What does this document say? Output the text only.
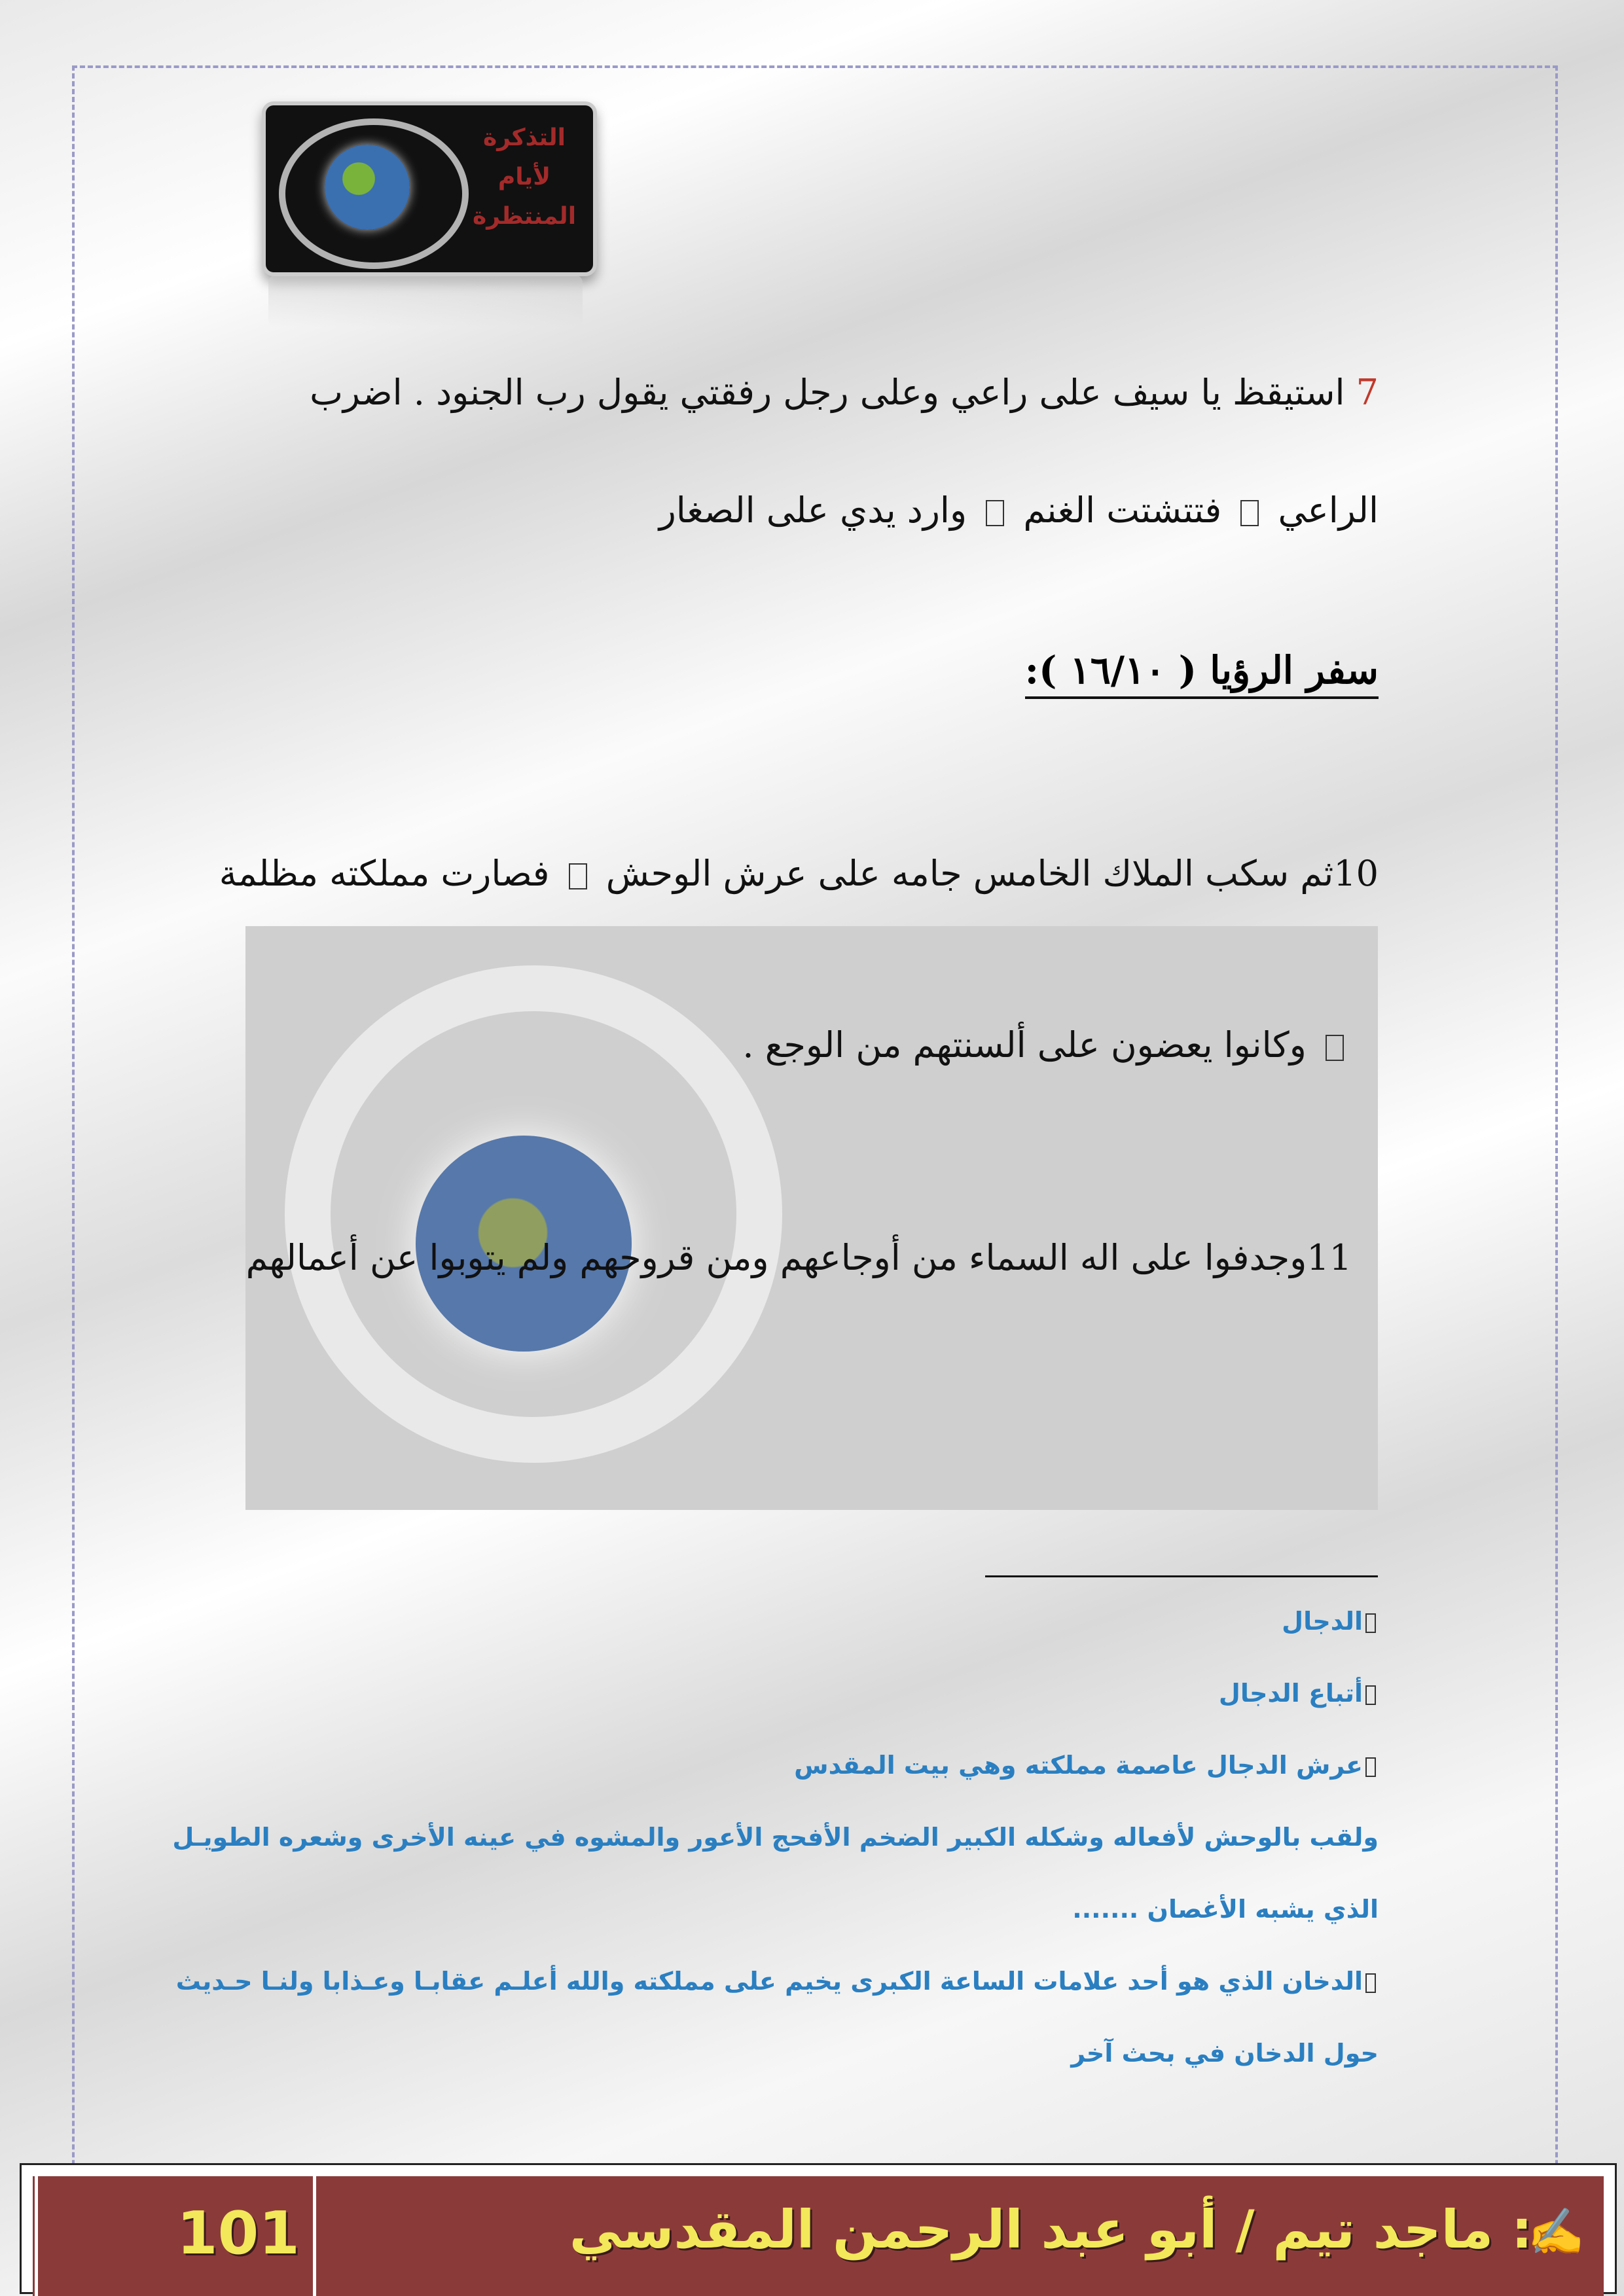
التذكرة لأيام المنتظرة
7 استيقظ يا سيف على راعي وعلى رجل رفقتي يقول رب الجنود . اضرب
الراعي  فتتشتت الغنم  وارد يدي على الصغار
سفر الرؤيا ( ١٦/١٠ ):
10ثم سكب الملاك الخامس جامه على عرش الوحش  فصارت مملكته مظلمة
وكانوا يعضون على ألسنتهم من الوجع .
11وجدفوا على اله السماء من أوجاعهم ومن قروحهم ولم يتوبوا عن أعمالهم
الدجال
أتباع الدجال
عرش الدجال عاصمة مملكته وهي بيت المقدس
ولقب بالوحش لأفعاله وشكله الكبير الضخم الأفحج الأعور والمشوه في عينه الأخرى وشعره الطويـل
الذي يشبه الأغصان .......
الدخان الذي هو أحد علامات الساعة الكبرى يخيم على مملكته والله أعلـم عقابـا وعـذابا ولنـا حـديث
حول الدخان في بحث آخر
101	: ماجد تيم / أبو عبد الرحمن المقدسي
✍
